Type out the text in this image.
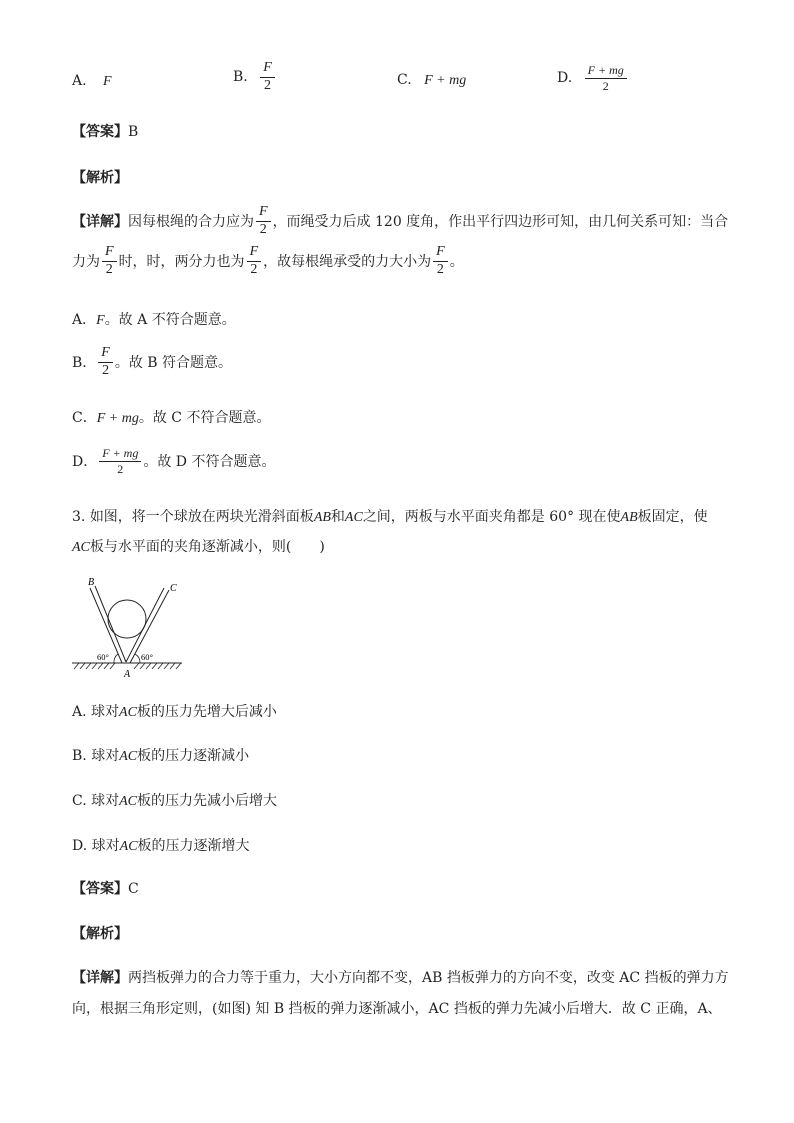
A. F	B. $\frac{F}{2}$	C. F + mg	D. $\frac{F + mg}{2}$
【答案】B
【解析】
【详解】因每根绳的合力应为 $\frac{F}{2}$ ，而绳受力后成 120 度角，作出平行四边形可知，由几何关系可知：当合
力为 $\frac{F}{2}$ 时，时，两分力也为 $\frac{F}{2}$ ，故每根绳承受的力大小为 $\frac{F}{2}$ 。
A．F。故 A 不符合题意。
B． $\frac{F}{2}$ 。故 B 符合题意。
C．F + mg。故 C 不符合题意。
D． $\frac{F + mg}{2}$ 。故 D 不符合题意。
3. 如图，将一个球放在两块光滑斜面板AB和AC之间，两板与水平面夹角都是 60° 现在使AB板固定，使
AC板与水平面的夹角逐渐减小，则(　　)
B
C
A
60°	60°
A. 球对AC板的压力先增大后减小
B. 球对AC板的压力逐渐减小
C. 球对AC板的压力先减小后增大
D. 球对AC板的压力逐渐增大
【答案】C
【解析】
【详解】两挡板弹力的合力等于重力，大小方向都不变，AB 挡板弹力的方向不变，改变 AC 挡板的弹力方
向，根据三角形定则，(如图) 知 B 挡板的弹力逐渐减小，AC 挡板的弹力先减小后增大．故 C 正确，A、
